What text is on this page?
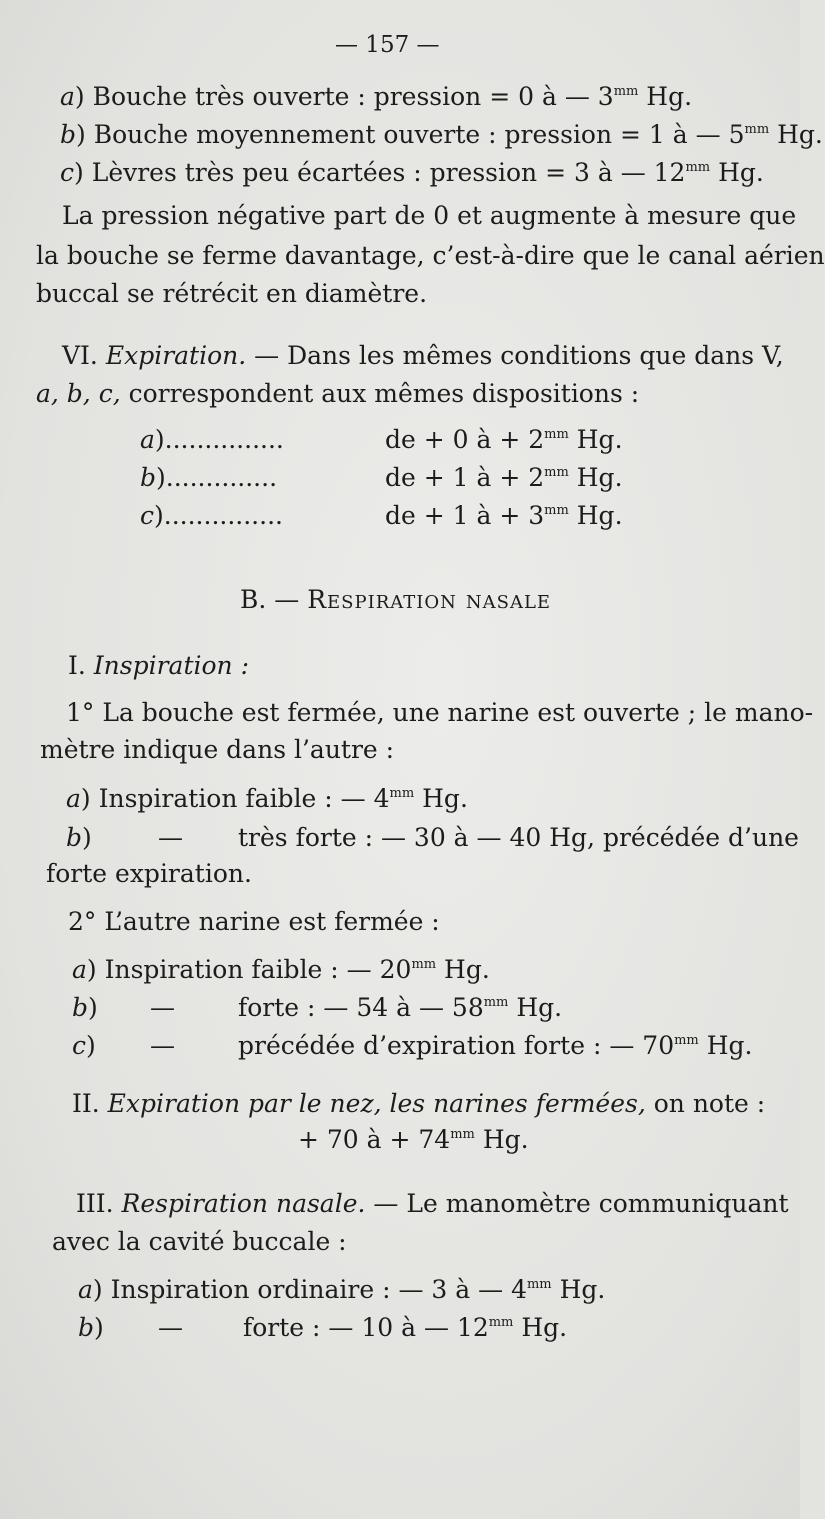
— 157 —
a) Bouche très ouverte : pression = 0 à — $3^{mm}$ Hg.
b) Bouche moyennement ouverte : pression = 1 à — $5^{mm}$ Hg.
c) Lèvres très peu écartées : pression = 3 à — $12^{mm}$ Hg.
La pression négative part de 0 et augmente à mesure que
la bouche se ferme davantage, c’est-à-dire que le canal aérien
buccal se rétrécit en diamètre.
VI. Expiration. — Dans les mêmes conditions que dans V,
a, b, c, correspondent aux mêmes dispositions :
a)...............	de + 0 à + $2^{mm}$ Hg.
b)..............	de + 1 à + $2^{mm}$ Hg.
c)...............	de + 1 à + $3^{mm}$ Hg.
B. — Respiration nasale
I. Inspiration :
1° La bouche est fermée, une narine est ouverte ; le mano-
mètre indique dans l’autre :
a) Inspiration faible : — $4^{mm}$ Hg.
b)	— très forte : — 30 à — 40 Hg, précédée d’une
forte expiration.
2° L’autre narine est fermée :
a) Inspiration faible : — $20^{mm}$ Hg.
b) —	forte : — 54 à — $58^{mm}$ Hg.
c) —	précédée d’expiration forte : — $70^{mm}$ Hg.
II. Expiration par le nez, les narines fermées, on note :
+ 70 à + $74^{mm}$ Hg.
III. Respiration nasale. — Le manomètre communiquant
avec la cavité buccale :
a) Inspiration ordinaire : — 3 à — $4^{mm}$ Hg.
b) — forte : — 10 à — $12^{mm}$ Hg.
